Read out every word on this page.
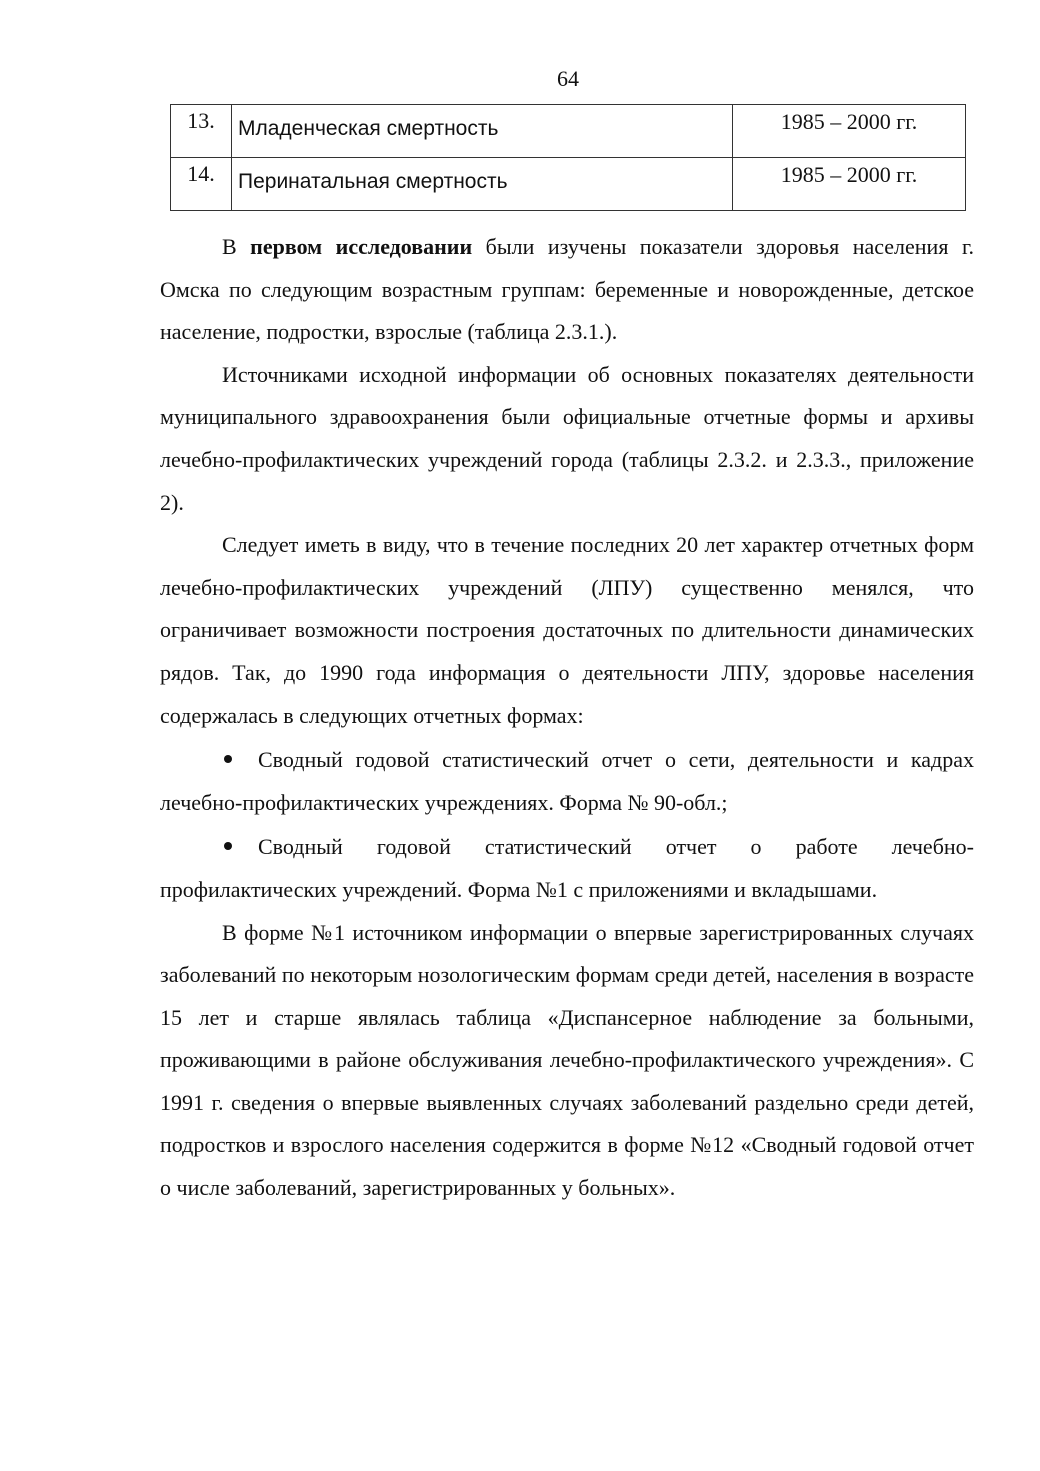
64
13.	Младенческая смертность	1985 – 2000 гг.
14.	Перинатальная смертность	1985 – 2000 гг.

В первом исследовании были изучены показатели здоровья населения г. Омска по следующим возрастным группам: беременные и новорожденные, детское население, подростки, взрослые (таблица 2.3.1.).

Источниками исходной информации об основных показателях деятельности муниципального здравоохранения были официальные отчетные формы и архивы лечебно-профилактических учреждений города (таблицы 2.3.2. и 2.3.3., приложение 2).

Следует иметь в виду, что в течение последних 20 лет характер отчетных форм лечебно-профилактических учреждений (ЛПУ) существенно менялся, что ограничивает возможности построения достаточных по длительности динамических рядов. Так, до 1990 года информация о деятельности ЛПУ, здоровье населения содержалась в следующих отчетных формах:

Сводный годовой статистический отчет о сети, деятельности и кадрах лечебно-профилактических учреждениях. Форма № 90-обл.;

Сводный годовой статистический отчет о работе лечебно-профилактических учреждений. Форма №1 с приложениями и вкладышами.

В форме №1 источником информации о впервые зарегистрированных случаях заболеваний по некоторым нозологическим формам среди детей, населения в возрасте 15 лет и старше являлась таблица «Диспансерное наблюдение за больными, проживающими в районе обслуживания лечебно-профилактического учреждения». С 1991 г. сведения о впервые выявленных случаях заболеваний раздельно среди детей, подростков и взрослого населения содержится в форме №12 «Сводный годовой отчет о числе заболеваний, зарегистрированных у больных».
